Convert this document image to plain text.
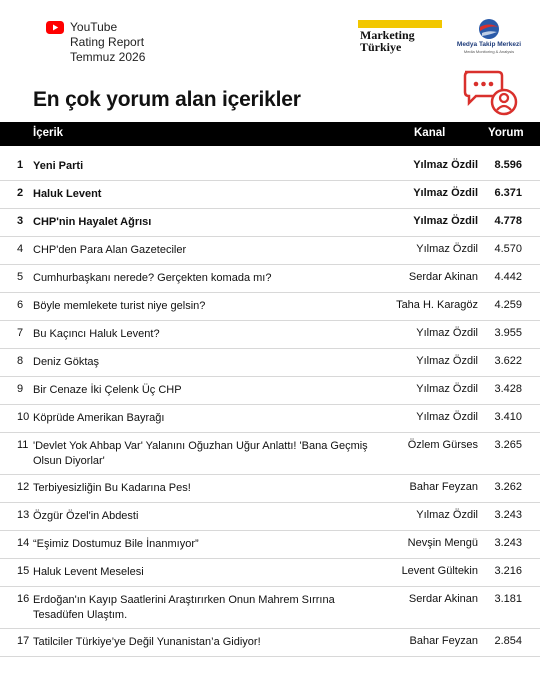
YouTube
Rating Report
Temmuz 2026
Marketing
Türkiye	Medya Takip Merkezi
Media Monitoring & Analysis
En çok yorum alan içerikler
İçerik	Kanal	Yorum
1 Yeni Parti	Yılmaz Özdil	8.596
2 Haluk Levent	Yılmaz Özdil	6.371
3 CHP'nin Hayalet Ağrısı	Yılmaz Özdil	4.778
4 CHP'den Para Alan Gazeteciler	Yılmaz Özdil	4.570
5 Cumhurbaşkanı nerede? Gerçekten komada mı?	Serdar Akinan	4.442
6 Böyle memlekete turist niye gelsin?	Taha H. Karagöz	4.259
7 Bu Kaçıncı Haluk Levent?	Yılmaz Özdil	3.955
8 Deniz Göktaş	Yılmaz Özdil	3.622
9 Bir Cenaze İki Çelenk Üç CHP	Yılmaz Özdil	3.428
10 Köprüde Amerikan Bayrağı	Yılmaz Özdil	3.410
11 'Devlet Yok Ahbap Var' Yalanını Oğuzhan Uğur Anlattı! 'Bana Geçmiş Olsun Diyorlar'
Özlem Gürses	3.265
12 Terbiyesizliğin Bu Kadarına Pes!	Bahar Feyzan	3.262
13 Özgür Özel'in Abdesti	Yılmaz Özdil	3.243
14 “Eşimiz Dostumuz Bile İnanmıyor”	Nevşin Mengü	3.243
15 Haluk Levent Meselesi	Levent Gültekin	3.216
16 Erdoğan'ın Kayıp Saatlerini Araştırırken Onun Mahrem Sırrına Tesadüfen Ulaştım.
Serdar Akinan	3.181
17 Tatilciler Türkiye’ye Değil Yunanistan’a Gidiyor!	Bahar Feyzan	2.854
